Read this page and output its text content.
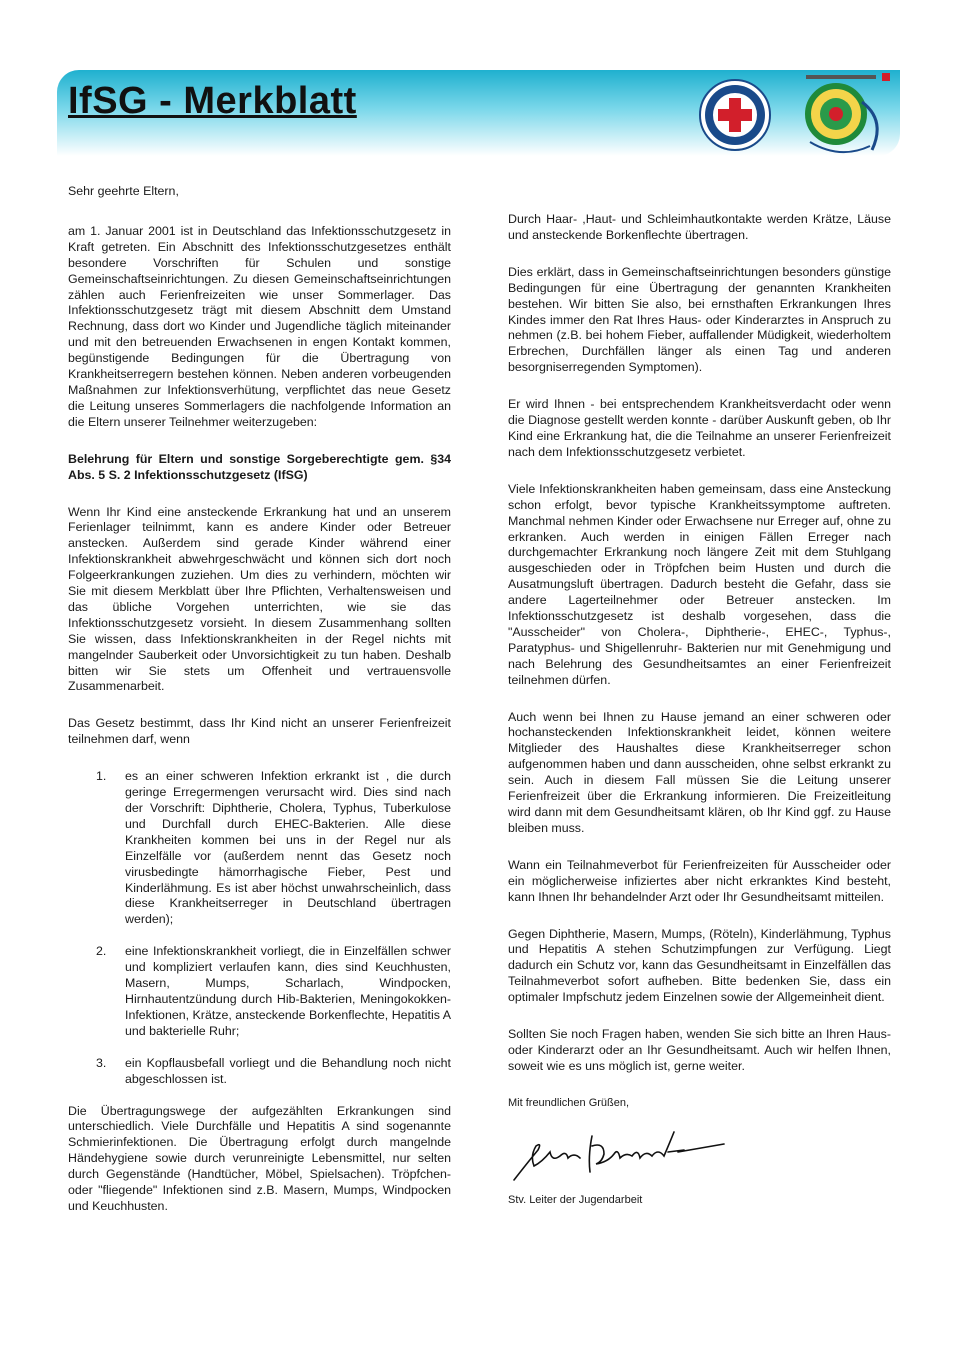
IfSG - Merkblatt

Sehr geehrte Eltern,

am 1. Januar 2001 ist in Deutschland das Infektionsschutzgesetz in Kraft getreten. Ein Abschnitt des Infektionsschutzgesetzes enthält besondere Vorschriften für Schulen und sonstige Gemeinschaftseinrichtungen. Zu diesen Gemeinschaftseinrichtungen zählen auch Ferienfreizeiten wie unser Sommerlager. Das Infektionsschutzgesetz trägt mit diesem Abschnitt dem Umstand Rechnung, dass dort wo Kinder und Jugendliche täglich miteinander und mit den betreuenden Erwachsenen in engen Kontakt kommen, begünstigende Bedingungen für die Übertragung von Krankheitserregern bestehen können. Neben anderen vorbeugenden Maßnahmen zur Infektionsverhütung, verpflichtet das neue Gesetz die Leitung unseres Sommerlagers die nachfolgende Information an die Eltern unserer Teilnehmer weiterzugeben:

Belehrung für Eltern und sonstige Sorgeberechtigte gem. §34 Abs. 5 S. 2 Infektionsschutzgesetz (IfSG)

Wenn Ihr Kind eine ansteckende Erkrankung hat und an unserem Ferienlager teilnimmt, kann es andere Kinder oder Betreuer anstecken. Außerdem sind gerade Kinder während einer Infektionskrankheit abwehrgeschwächt und können sich dort noch Folgeerkrankungen zuziehen. Um dies zu verhindern, möchten wir Sie mit diesem Merkblatt über Ihre Pflichten, Verhaltensweisen und das übliche Vorgehen unterrichten, wie sie das Infektionsschutzgesetz vorsieht. In diesem Zusammenhang sollten Sie wissen, dass Infektionskrankheiten in der Regel nichts mit mangelnder Sauberkeit oder Unvorsichtigkeit zu tun haben. Deshalb bitten wir Sie stets um Offenheit und vertrauensvolle Zusammenarbeit.

Das Gesetz bestimmt, dass Ihr Kind nicht an unserer Ferienfreizeit teilnehmen darf, wenn

1. es an einer schweren Infektion erkrankt ist , die durch geringe Erregermengen verursacht wird. Dies sind nach der Vorschrift: Diphtherie, Cholera, Typhus, Tuberkulose und Durchfall durch EHEC-Bakterien. Alle diese Krankheiten kommen bei uns in der Regel nur als Einzelfälle vor (außerdem nennt das Gesetz noch virusbedingte hämorrhagische Fieber, Pest und Kinderlähmung. Es ist aber höchst unwahrscheinlich, dass diese Krankheitserreger in Deutschland übertragen werden);
2. eine Infektionskrankheit vorliegt, die in Einzelfällen schwer und kompliziert verlaufen kann, dies sind Keuchhusten, Masern, Mumps, Scharlach, Windpocken, Hirnhautentzündung durch Hib-Bakterien, Meningokokken-Infektionen, Krätze, ansteckende Borkenflechte, Hepatitis A und bakterielle Ruhr;
3. ein Kopflausbefall vorliegt und die Behandlung noch nicht abgeschlossen ist.

Die Übertragungswege der aufgezählten Erkrankungen sind unterschiedlich. Viele Durchfälle und Hepatitis A sind sogenannte Schmierinfektionen. Die Übertragung erfolgt durch mangelnde Händehygiene sowie durch verunreinigte Lebensmittel, nur selten durch Gegenstände (Handtücher, Möbel, Spielsachen). Tröpfchen- oder "fliegende" Infektionen sind z.B. Masern, Mumps, Windpocken und Keuchhusten.

Durch Haar- ,Haut- und Schleimhautkontakte werden Krätze, Läuse und ansteckende Borkenflechte übertragen.

Dies erklärt, dass in Gemeinschaftseinrichtungen besonders günstige Bedingungen für eine Übertragung der genannten Krankheiten bestehen. Wir bitten Sie also, bei ernsthaften Erkrankungen Ihres Kindes immer den Rat Ihres Haus- oder Kinderarztes in Anspruch zu nehmen (z.B. bei hohem Fieber, auffallender Müdigkeit, wiederholtem Erbrechen, Durchfällen länger als einen Tag und anderen besorgniserregenden Symptomen).

Er wird Ihnen - bei entsprechendem Krankheitsverdacht oder wenn die Diagnose gestellt werden konnte - darüber Auskunft geben, ob Ihr Kind eine Erkrankung hat, die die Teilnahme an unserer Ferienfreizeit nach dem Infektionsschutzgesetz verbietet.

Viele Infektionskrankheiten haben gemeinsam, dass eine Ansteckung schon erfolgt, bevor typische Krankheitssymptome auftreten. Manchmal nehmen Kinder oder Erwachsene nur Erreger auf, ohne zu erkranken. Auch werden in einigen Fällen Erreger nach durchgemachter Erkrankung noch längere Zeit mit dem Stuhlgang ausgeschieden oder in Tröpfchen beim Husten und durch die Ausatmungsluft übertragen. Dadurch besteht die Gefahr, dass sie andere Lagerteilnehmer oder Betreuer anstecken. Im Infektionsschutzgesetz ist deshalb vorgesehen, dass die "Ausscheider" von Cholera-, Diphtherie-, EHEC-, Typhus-, Paratyphus- und Shigellenruhr- Bakterien nur mit Genehmigung und nach Belehrung des Gesundheitsamtes an einer Ferienfreizeit teilnehmen dürfen.

Auch wenn bei Ihnen zu Hause jemand an einer schweren oder hochansteckenden Infektionskrankheit leidet, können weitere Mitglieder des Haushaltes diese Krankheitserreger schon aufgenommen haben und dann ausscheiden, ohne selbst erkrankt zu sein. Auch in diesem Fall müssen Sie die Leitung unserer Ferienfreizeit über die Erkrankung informieren. Die Freizeitleitung wird dann mit dem Gesundheitsamt klären, ob Ihr Kind ggf. zu Hause bleiben muss.

Wann ein Teilnahmeverbot für Ferienfreizeiten für Ausscheider oder ein möglicherweise infiziertes aber nicht erkranktes Kind besteht, kann Ihnen Ihr behandelnder Arzt oder Ihr Gesundheitsamt mitteilen.

Gegen Diphtherie, Masern, Mumps, (Röteln), Kinderlähmung, Typhus und Hepatitis A stehen Schutzimpfungen zur Verfügung. Liegt dadurch ein Schutz vor, kann das Gesundheitsamt in Einzelfällen das Teilnahmeverbot sofort aufheben. Bitte bedenken Sie, dass ein optimaler Impfschutz jedem Einzelnen sowie der Allgemeinheit dient.

Sollten Sie noch Fragen haben, wenden Sie sich bitte an Ihren Haus- oder Kinderarzt oder an Ihr Gesundheitsamt. Auch wir helfen Ihnen, soweit wie es uns möglich ist, gerne weiter.

Mit freundlichen Grüßen,

Stv. Leiter der Jugendarbeit
